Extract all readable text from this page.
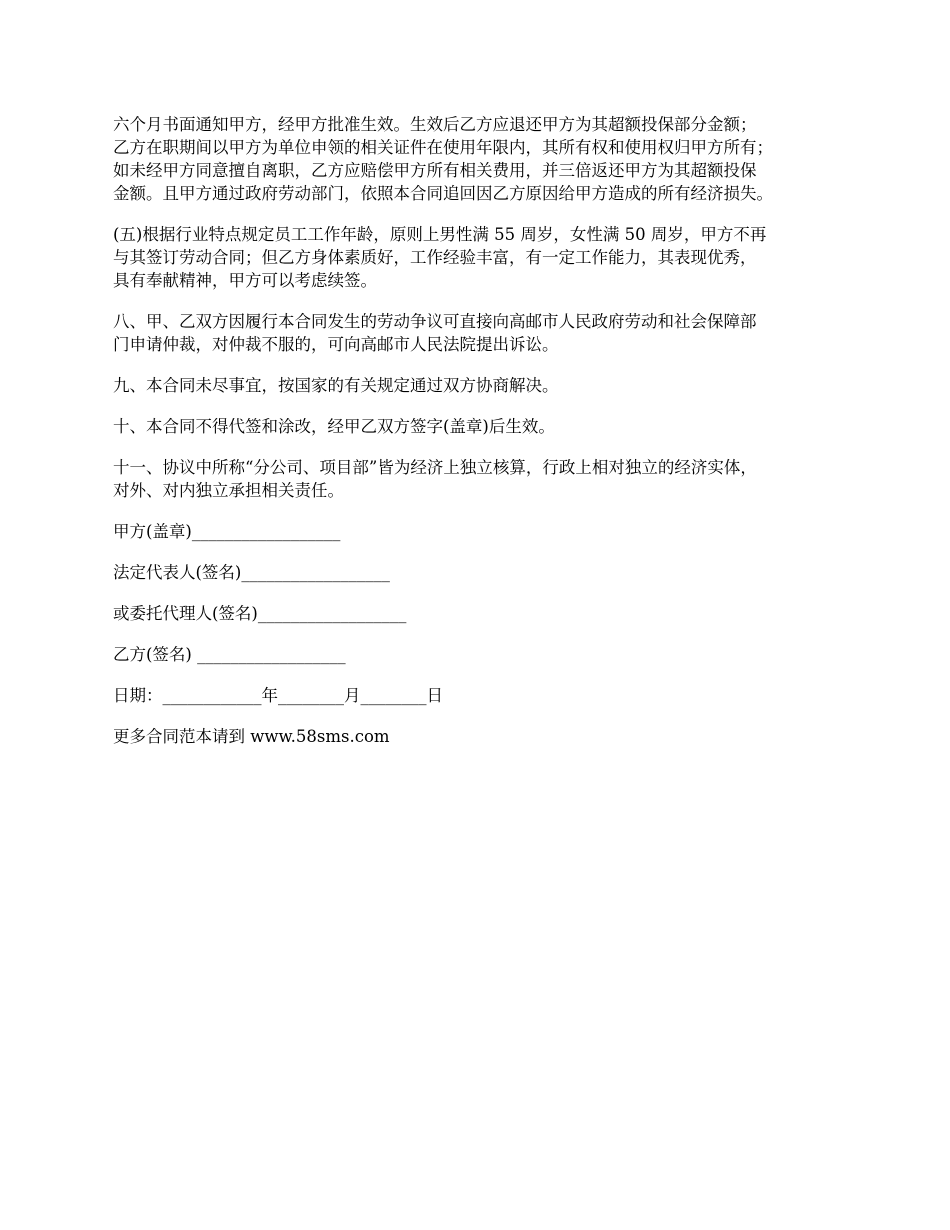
六个月书面通知甲方，经甲方批准生效。生效后乙方应退还甲方为其超额投保部分金额；
乙方在职期间以甲方为单位申领的相关证件在使用年限内，其所有权和使用权归甲方所有；
如未经甲方同意擅自离职，乙方应赔偿甲方所有相关费用，并三倍返还甲方为其超额投保
金额。且甲方通过政府劳动部门，依照本合同追回因乙方原因给甲方造成的所有经济损失。
(五)根据行业特点规定员工工作年龄，原则上男性满 55 周岁，女性满 50 周岁，甲方不再
与其签订劳动合同；但乙方身体素质好，工作经验丰富，有一定工作能力，其表现优秀，
具有奉献精神，甲方可以考虑续签。
八、甲、乙双方因履行本合同发生的劳动争议可直接向高邮市人民政府劳动和社会保障部
门申请仲裁，对仲裁不服的，可向高邮市人民法院提出诉讼。
九、本合同未尽事宜，按国家的有关规定通过双方协商解决。
十、本合同不得代签和涂改，经甲乙双方签字(盖章)后生效。
十一、协议中所称“分公司、项目部”皆为经济上独立核算，行政上相对独立的经济实体，
对外、对内独立承担相关责任。
甲方(盖章)__________________
法定代表人(签名)__________________
或委托代理人(签名)__________________
乙方(签名) __________________
日期：____________年________月________日
更多合同范本请到 www.58sms.com
